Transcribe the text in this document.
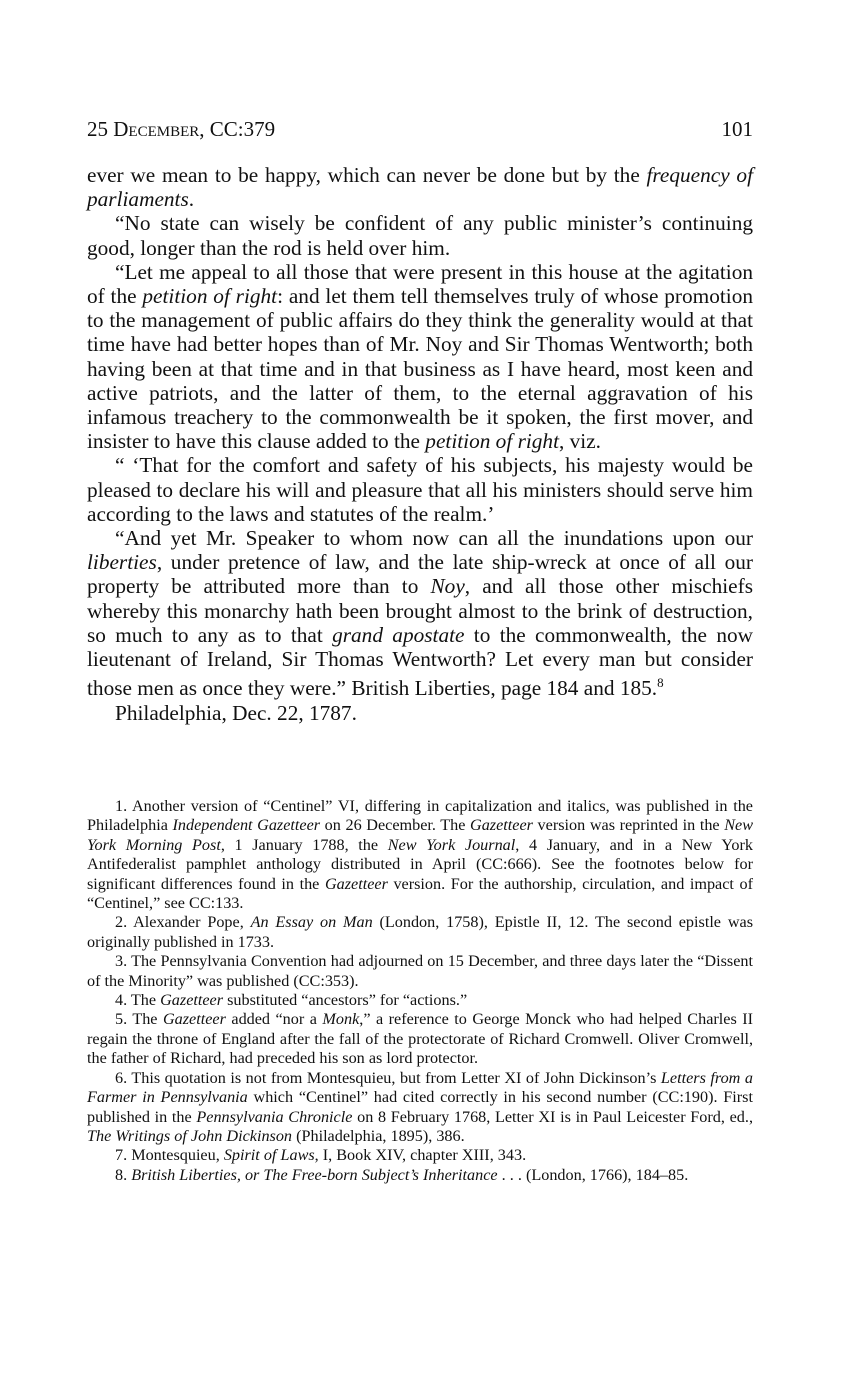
25 December, CC:379	101

ever we mean to be happy, which can never be done but by the frequency of parliaments.

“No state can wisely be confident of any public minister’s continuing good, longer than the rod is held over him.

“Let me appeal to all those that were present in this house at the agitation of the petition of right: and let them tell themselves truly of whose promotion to the management of public affairs do they think the generality would at that time have had better hopes than of Mr. Noy and Sir Thomas Wentworth; both having been at that time and in that business as I have heard, most keen and active patriots, and the latter of them, to the eternal aggravation of his infamous treachery to the commonwealth be it spoken, the first mover, and insister to have this clause added to the petition of right, viz.

“ ‘That for the comfort and safety of his subjects, his majesty would be pleased to declare his will and pleasure that all his ministers should serve him according to the laws and statutes of the realm.’

“And yet Mr. Speaker to whom now can all the inundations upon our liberties, under pretence of law, and the late ship-wreck at once of all our property be attributed more than to Noy, and all those other mischiefs whereby this monarchy hath been brought almost to the brink of destruction, so much to any as to that grand apostate to the commonwealth, the now lieutenant of Ireland, Sir Thomas Wentworth? Let every man but consider those men as once they were.” British Liberties, page 184 and 185.$^8$

Philadelphia, Dec. 22, 1787.

1. Another version of “Centinel” VI, differing in capitalization and italics, was published in the Philadelphia Independent Gazetteer on 26 December. The Gazetteer version was reprinted in the New York Morning Post, 1 January 1788, the New York Journal, 4 January, and in a New York Antifederalist pamphlet anthology distributed in April (CC:666). See the footnotes below for significant differences found in the Gazetteer version. For the authorship, circulation, and impact of “Centinel,” see CC:133.

2. Alexander Pope, An Essay on Man (London, 1758), Epistle II, 12. The second epistle was originally published in 1733.

3. The Pennsylvania Convention had adjourned on 15 December, and three days later the “Dissent of the Minority” was published (CC:353).

4. The Gazetteer substituted “ancestors” for “actions.”

5. The Gazetteer added “nor a Monk,” a reference to George Monck who had helped Charles II regain the throne of England after the fall of the protectorate of Richard Cromwell. Oliver Cromwell, the father of Richard, had preceded his son as lord protector.

6. This quotation is not from Montesquieu, but from Letter XI of John Dickinson’s Letters from a Farmer in Pennsylvania which “Centinel” had cited correctly in his second number (CC:190). First published in the Pennsylvania Chronicle on 8 February 1768, Letter XI is in Paul Leicester Ford, ed., The Writings of John Dickinson (Philadelphia, 1895), 386.

7. Montesquieu, Spirit of Laws, I, Book XIV, chapter XIII, 343.

8. British Liberties, or The Free-born Subject’s Inheritance . . . (London, 1766), 184–85.
